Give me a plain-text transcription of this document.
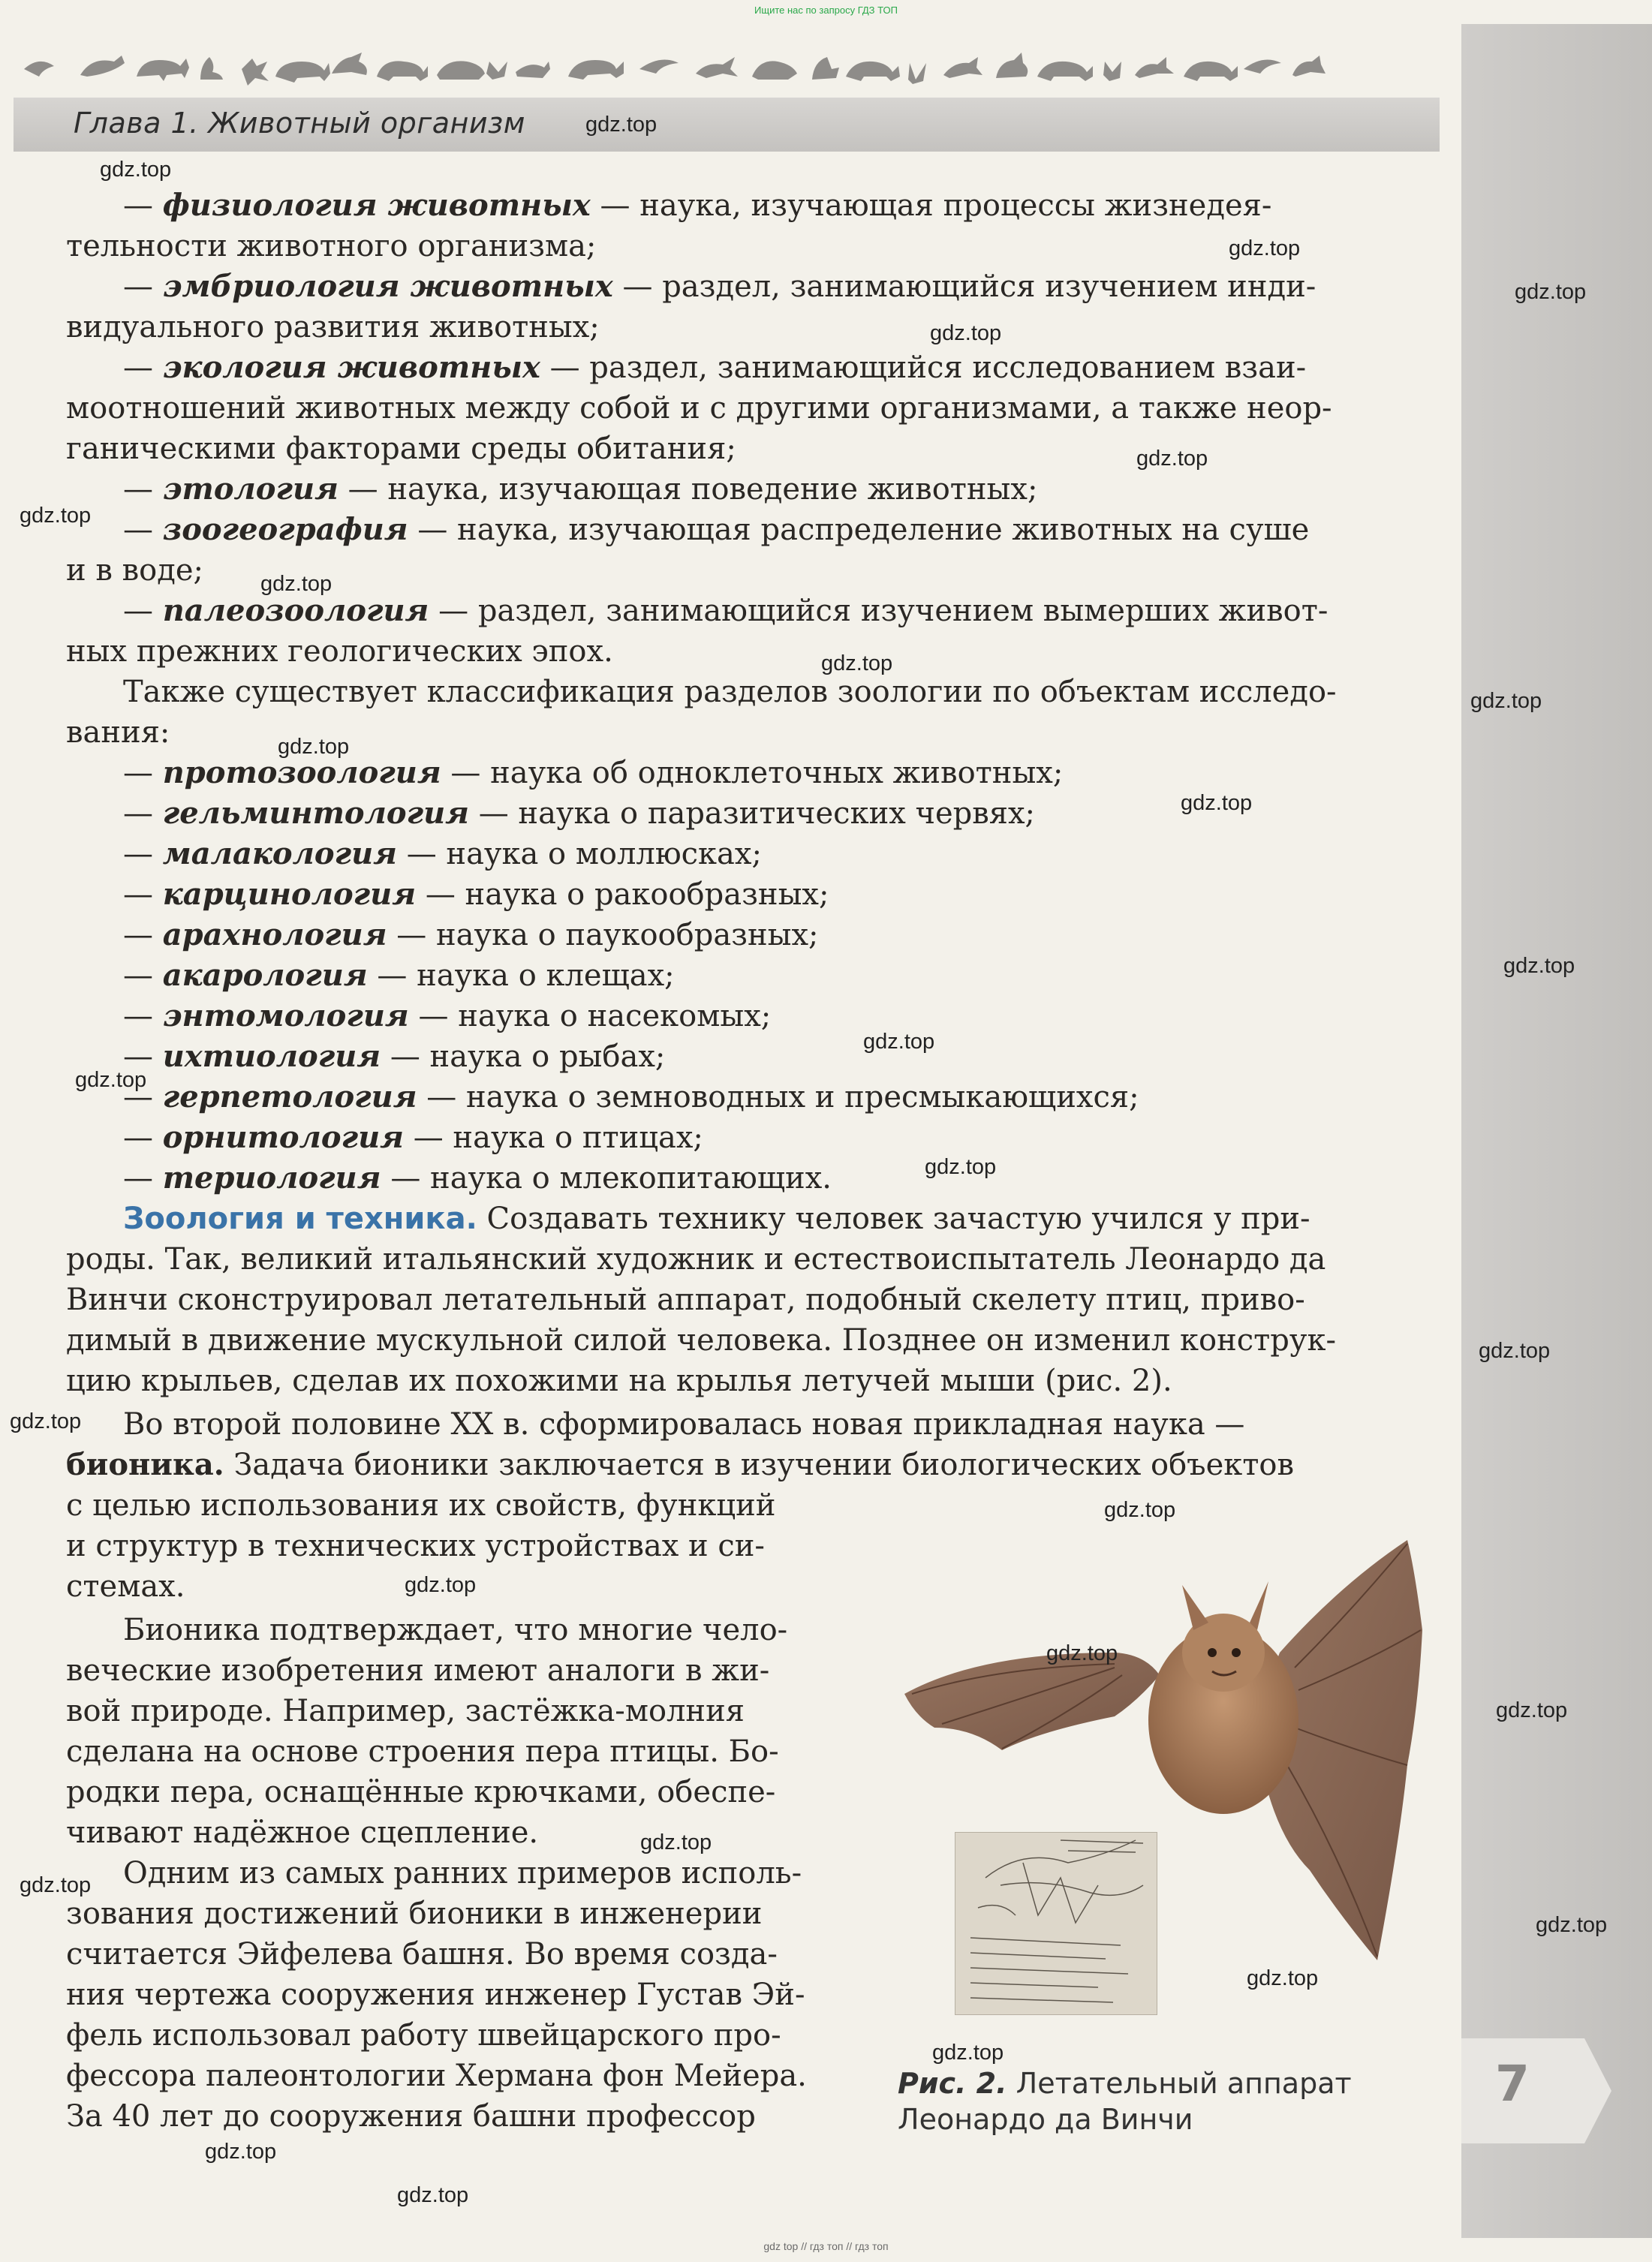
Ищите нас по запросу ГДЗ ТОП
Глава 1. Животный организм
— физиология животных — наука, изучающая процессы жизнедея-
тельности животного организма;
— эмбриология животных — раздел, занимающийся изучением инди-
видуального развития животных;
— экология животных — раздел, занимающийся исследованием взаи-
моотношений животных между собой и с другими организмами, а также неор-
ганическими факторами среды обитания;
— этология — наука, изучающая поведение животных;
— зоогеография — наука, изучающая распределение животных на суше
и в воде;
— палеозоология — раздел, занимающийся изучением вымерших живот-
ных прежних геологических эпох.
Также существует классификация разделов зоологии по объектам исследо-
вания:
— протозоология — наука об одноклеточных животных;
— гельминтология — наука о паразитических червях;
— малакология — наука о моллюсках;
— карцинология — наука о ракообразных;
— арахнология — наука о паукообразных;
— акарология — наука о клещах;
— энтомология — наука о насекомых;
— ихтиология — наука о рыбах;
— герпетология — наука о земноводных и пресмыкающихся;
— орнитология — наука о птицах;
— териология — наука о млекопитающих.
Зоология и техника. Создавать технику человек зачастую учился у при-
роды. Так, великий итальянский художник и естествоиспытатель Леонардо да
Винчи сконструировал летательный аппарат, подобный скелету птиц, приво-
димый в движение мускульной силой человека. Позднее он изменил конструк-
цию крыльев, сделав их похожими на крылья летучей мыши (рис. 2).
Во второй половине XX в. сформировалась новая прикладная наука —
бионика. Задача бионики заключается в изучении биологических объектов
с целью использования их свойств, функций
и структур в технических устройствах и си-
стемах.
Бионика подтверждает, что многие чело-
веческие изобретения имеют аналоги в жи-
вой природе. Например, застёжка-молния
сделана на основе строения пера птицы. Бо-
родки пера, оснащённые крючками, обеспе-
чивают надёжное сцепление.
Одним из самых ранних примеров исполь-
зования достижений бионики в инженерии
считается Эйфелева башня. Во время созда-
ния чертежа сооружения инженер Густав Эй-
фель использовал работу швейцарского про-
фессора палеонтологии Хермана фон Мейера.
За 40 лет до сооружения башни профессор
Рис. 2. Летательный аппарат
Леонардо да Винчи
7
gdz.top
gdz.top
gdz.top
gdz.top
gdz.top
gdz.top
gdz.top
gdz.top
gdz.top
gdz.top
gdz.top
gdz.top
gdz.top
gdz.top
gdz.top
gdz.top
gdz.top
gdz.top
gdz.top
gdz.top
gdz.top
gdz.top
gdz.top
gdz.top
gdz.top
gdz.top
gdz.top
gdz.top
gdz.top
gdz top // гдз топ // гдз топ
